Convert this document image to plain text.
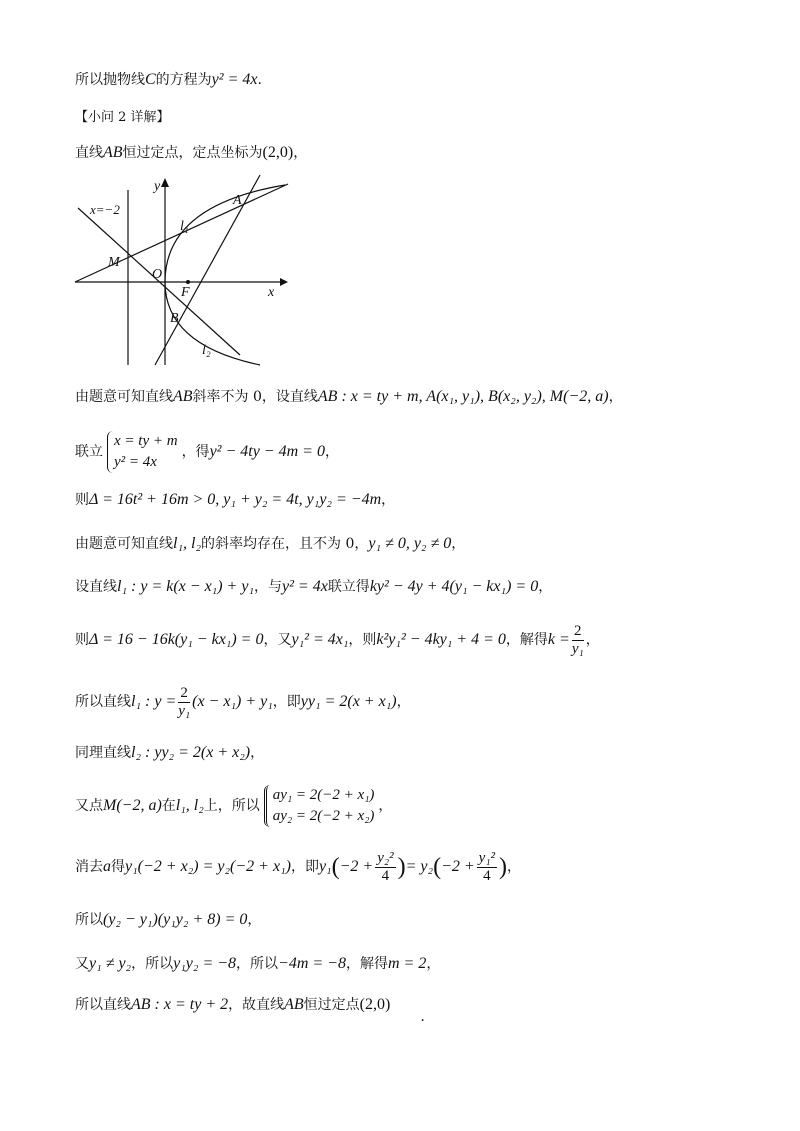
所以抛物线C的方程为y² = 4x.
【小问 2 详解】
直线AB恒过定点，定点坐标为(2,0)，
y
x
x=−2
A
B
M
O
F
l₁
l₂
由题意可知直线AB斜率不为 0，设直线AB : x = ty + m, A(x₁, y₁), B(x₂, y₂), M(−2, a)，
联立
x = ty + m
y² = 4x
，得y² − 4ty − 4m = 0，
则Δ = 16t² + 16m > 0, y₁ + y₂ = 4t, y₁y₂ = −4m，
由题意可知直线l₁, l₂的斜率均存在，且不为 0，y₁ ≠ 0, y₂ ≠ 0，
设直线l₁ : y = k(x − x₁) + y₁，与y² = 4x联立得ky² − 4y + 4(y₁ − kx₁) = 0，
则Δ = 16 − 16k(y₁ − kx₁) = 0，又y₁² = 4x₁，则k²y₁² − 4ky₁ + 4 = 0，解得$k = \frac{2}{\text{y₁}}$ ，
所以直线l₁ : $y = \frac{2}{\text{y₁}} (x - x_1) + y_1$，即yy₁ = 2(x + x₁)，
同理直线l₂ : yy₂ = 2(x + x₂)，
又点M(−2, a)在l₁, l₂上，所以
ay₁ = 2(−2 + x₁)
ay₂ = 2(−2 + x₂)
，
消去a得y₁(−2 + x₂) = y₂(−2 + x₁)，即$y_1(-2 + \frac{\text{y₂²}}{4}$ )= $y_2(-2 + \frac{\text{y₁²}}{4}$ )，
所以(y₂ − y₁)(y₁y₂ + 8) = 0，
又y₁ ≠ y₂，所以y₁y₂ = −8，所以−4m = −8，解得m = 2，
所以直线AB : x = ty + 2，故直线AB恒过定点(2,0).
